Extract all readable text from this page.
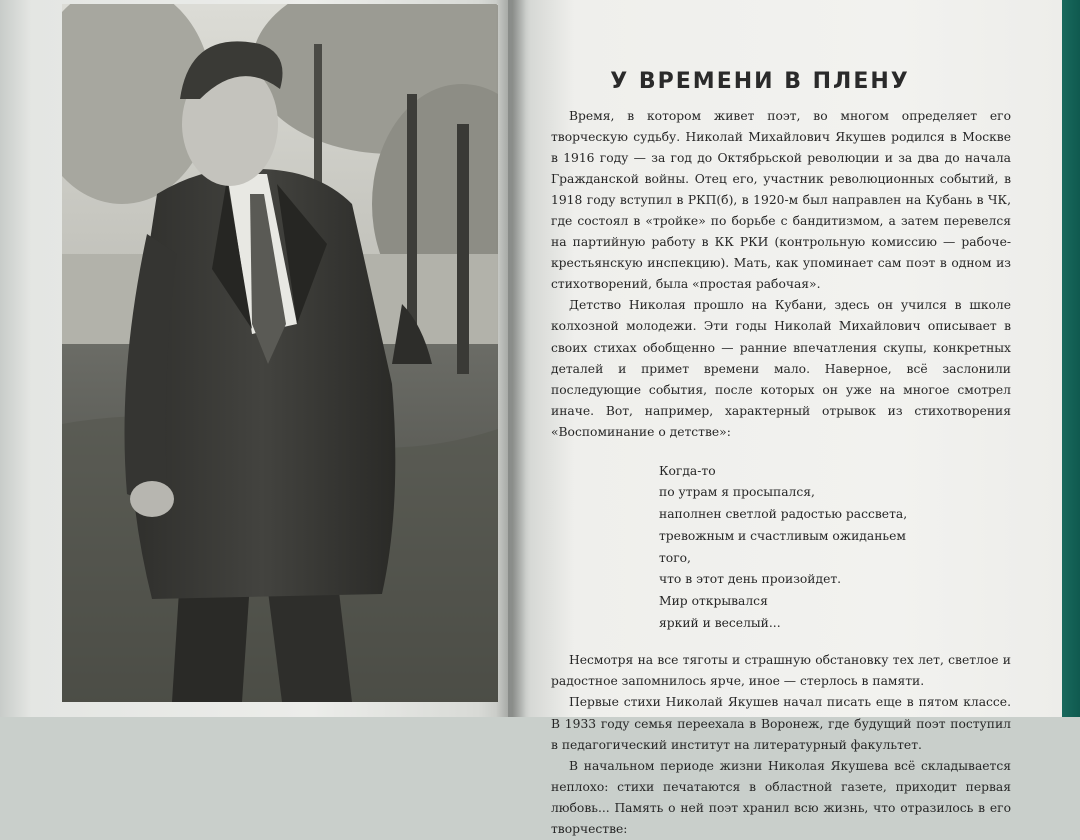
У ВРЕМЕНИ В ПЛЕНУ

Время, в котором живет поэт, во многом определяет его творческую судьбу. Николай Михайлович Якушев родился в Москве в 1916 году — за год до Октябрьской революции и за два до начала Гражданской войны. Отец его, участник революционных событий, в 1918 году вступил в РКП(б), в 1920-м был направлен на Кубань в ЧК, где состоял в «тройке» по борьбе с бандитизмом, а затем перевелся на партийную работу в КК РКИ (контрольную комиссию — рабоче-крестьянскую инспекцию). Мать, как упоминает сам поэт в одном из стихотворений, была «простая рабочая».

Детство Николая прошло на Кубани, здесь он учился в школе колхозной молодежи. Эти годы Николай Михайлович описывает в своих стихах обобщенно — ранние впечатления скупы, конкретных деталей и примет времени мало. Наверное, всё заслонили последующие события, после которых он уже на многое смотрел иначе. Вот, например, характерный отрывок из стихотворения «Воспоминание о детстве»:

Когда-то
по утрам я просыпался,
наполнен светлой радостью рассвета,
тревожным и счастливым ожиданьем
того,
что в этот день произойдет.
Мир открывался
яркий и веселый...

Несмотря на все тяготы и страшную обстановку тех лет, светлое и радостное запомнилось ярче, иное — стерлось в памяти.

Первые стихи Николай Якушев начал писать еще в пятом классе. В 1933 году семья переехала в Воронеж, где будущий поэт поступил в педагогический институт на литературный факультет.

В начальном периоде жизни Николая Якушева всё складывается неплохо: стихи печатаются в областной газете, приходит первая любовь... Память о ней поэт хранил всю жизнь, что отразилось в его творчестве:
